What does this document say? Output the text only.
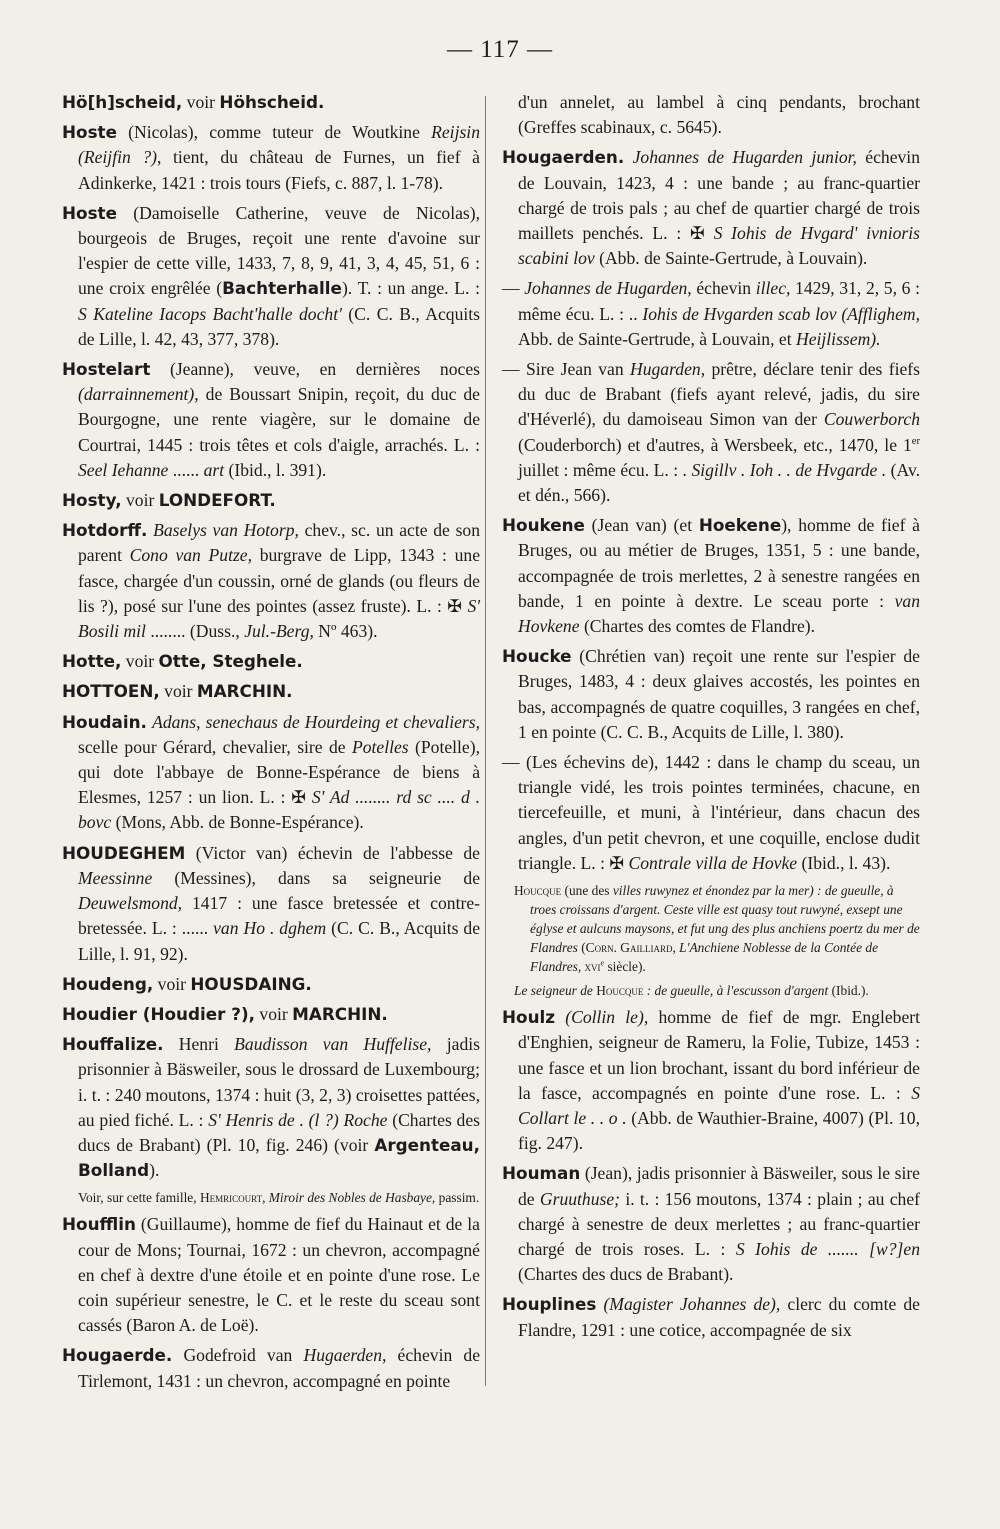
— 117 —

Hö[h]scheid, voir Höhscheid.

Hoste (Nicolas), comme tuteur de Woutkine Reijsin (Reijfin ?), tient, du château de Furnes, un fief à Adinkerke, 1421 : trois tours (Fiefs, c. 887, l. 1-78).

Hoste (Damoiselle Catherine, veuve de Nicolas), bourgeois de Bruges, reçoit une rente d'avoine sur l'espier de cette ville, 1433, 7, 8, 9, 41, 3, 4, 45, 51, 6 : une croix engrêlée (Bachterhalle). T. : un ange. L. : S Kateline Iacops Bacht'halle docht' (C. C. B., Acquits de Lille, l. 42, 43, 377, 378).

Hostelart (Jeanne), veuve, en dernières noces (darrainnement), de Boussart Snipin, reçoit, du duc de Bourgogne, une rente viagère, sur le domaine de Courtrai, 1445 : trois têtes et cols d'aigle, arrachés. L. : Seel Iehanne ...... art (Ibid., l. 391).

Hosty, voir LONDEFORT.

Hotdorff. Baselys van Hotorp, chev., sc. un acte de son parent Cono van Putze, burgrave de Lipp, 1343 : une fasce, chargée d'un coussin, orné de glands (ou fleurs de lis ?), posé sur l'une des pointes (assez fruste). L. : ✠ S' Bosili mil ........ (Duss., Jul.-Berg, Nº 463).

Hotte, voir Otte, Steghele.

HOTTOEN, voir MARCHIN.

Houdain. Adans, senechaus de Hourdeing et chevaliers, scelle pour Gérard, chevalier, sire de Potelles (Potelle), qui dote l'abbaye de Bonne-Espérance de biens à Elesmes, 1257 : un lion. L. : ✠ S' Ad ........ rd sc .... d . bovc (Mons, Abb. de Bonne-Espérance).

HOUDEGHEM (Victor van) échevin de l'abbesse de Meessinne (Messines), dans sa seigneurie de Deuwelsmond, 1417 : une fasce bretessée et contre-bretessée. L. : ...... van Ho . dghem (C. C. B., Acquits de Lille, l. 91, 92).

Houdeng, voir HOUSDAING.

Houdier (Houdier ?), voir MARCHIN.

Houffalize. Henri Baudisson van Huffelise, jadis prisonnier à Bäsweiler, sous le drossard de Luxembourg; i. t. : 240 moutons, 1374 : huit (3, 2, 3) croisettes pattées, au pied fiché. L. : S' Henris de . (l ?) Roche (Chartes des ducs de Brabant) (Pl. 10, fig. 246) (voir Argenteau, Bolland).

Voir, sur cette famille, Hemricourt, Miroir des Nobles de Hasbaye, passim.

Houfflin (Guillaume), homme de fief du Hainaut et de la cour de Mons; Tournai, 1672 : un chevron, accompagné en chef à dextre d'une étoile et en pointe d'une rose. Le coin supérieur senestre, le C. et le reste du sceau sont cassés (Baron A. de Loë).

Hougaerde. Godefroid van Hugaerden, échevin de Tirlemont, 1431 : un chevron, accompagné en pointe

d'un annelet, au lambel à cinq pendants, brochant (Greffes scabinaux, c. 5645).

Hougaerden. Johannes de Hugarden junior, échevin de Louvain, 1423, 4 : une bande ; au franc-quartier chargé de trois pals ; au chef de quartier chargé de trois maillets penchés. L. : ✠ S Iohis de Hvgard' ivnioris scabini lov (Abb. de Sainte-Gertrude, à Louvain).

— Johannes de Hugarden, échevin illec, 1429, 31, 2, 5, 6 : même écu. L. : .. Iohis de Hvgarden scab lov (Afflighem, Abb. de Sainte-Gertrude, à Louvain, et Heijlissem).

— Sire Jean van Hugarden, prêtre, déclare tenir des fiefs du duc de Brabant (fiefs ayant relevé, jadis, du sire d'Héverlé), du damoiseau Simon van der Couwerborch (Couderborch) et d'autres, à Wersbeek, etc., 1470, le 1er juillet : même écu. L. : . Sigillv . Ioh . . de Hvgarde . (Av. et dén., 566).

Houkene (Jean van) (et Hoekene), homme de fief à Bruges, ou au métier de Bruges, 1351, 5 : une bande, accompagnée de trois merlettes, 2 à senestre rangées en bande, 1 en pointe à dextre. Le sceau porte : van Hovkene (Chartes des comtes de Flandre).

Houcke (Chrétien van) reçoit une rente sur l'espier de Bruges, 1483, 4 : deux glaives accostés, les pointes en bas, accompagnés de quatre coquilles, 3 rangées en chef, 1 en pointe (C. C. B., Acquits de Lille, l. 380).

— (Les échevins de), 1442 : dans le champ du sceau, un triangle vidé, les trois pointes terminées, chacune, en tiercefeuille, et muni, à l'intérieur, dans chacun des angles, d'un petit chevron, et une coquille, enclose dudit triangle. L. : ✠ Contrale villa de Hovke (Ibid., l. 43).

Houcque (une des villes ruwynez et énondez par la mer) : de gueulle, à troes croissans d'argent. Ceste ville est quasy tout ruwyné, exsept une églyse et aulcuns maysons, et fut ung des plus anchiens poertz du mer de Flandres (Corn. Gailliard, L'Anchiene Noblesse de la Contée de Flandres, xvi$^e$ siècle).

Le seigneur de Houcque : de gueulle, à l'escusson d'argent (Ibid.).

Houlz (Collin le), homme de fief de mgr. Englebert d'Enghien, seigneur de Rameru, la Folie, Tubize, 1453 : une fasce et un lion brochant, issant du bord inférieur de la fasce, accompagnés en pointe d'une rose. L. : S Collart le . . o . (Abb. de Wauthier-Braine, 4007) (Pl. 10, fig. 247).

Houman (Jean), jadis prisonnier à Bäsweiler, sous le sire de Gruuthuse; i. t. : 156 moutons, 1374 : plain ; au chef chargé à senestre de deux merlettes ; au franc-quartier chargé de trois roses. L. : S Iohis de ....... [w?]en (Chartes des ducs de Brabant).

Houplines (Magister Johannes de), clerc du comte de Flandre, 1291 : une cotice, accompagnée de six
